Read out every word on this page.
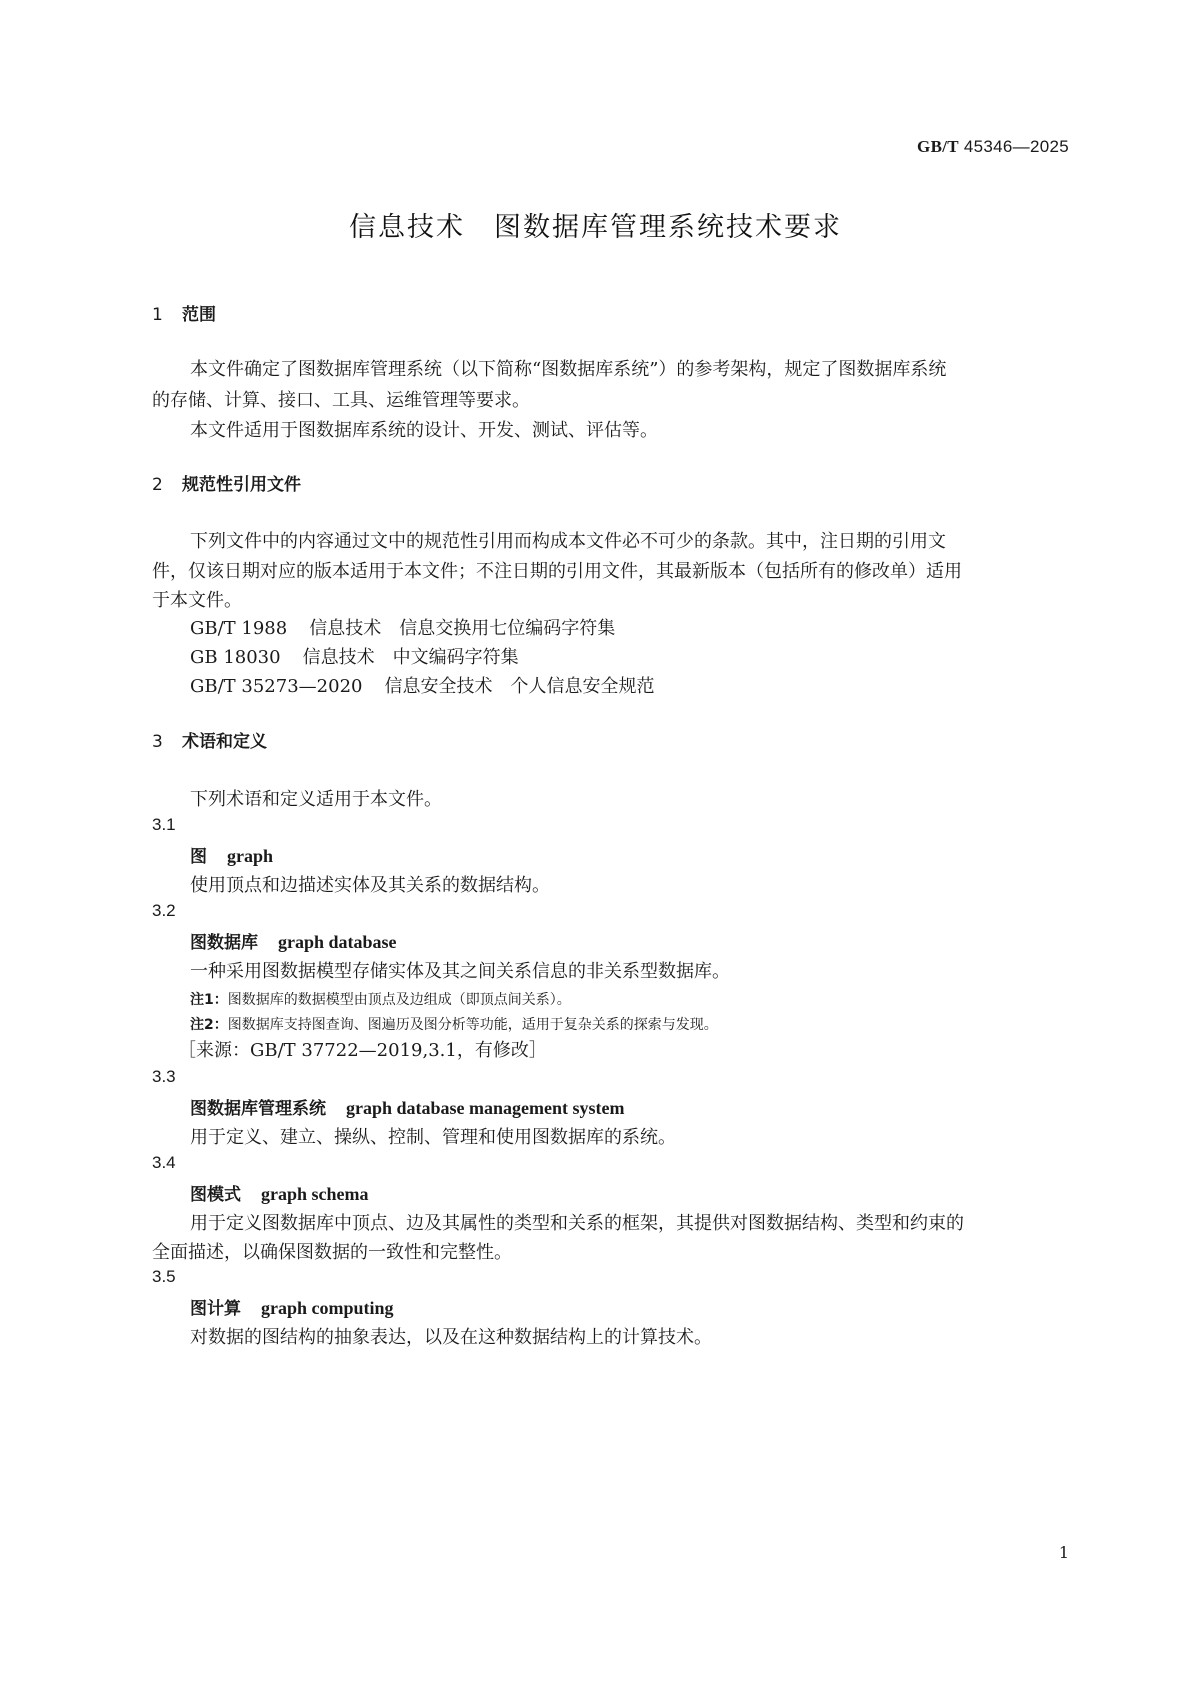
GB/T 45346—2025
信息技术　图数据库管理系统技术要求
1 范围
本文件确定了图数据库管理系统（以下简称“图数据库系统”）的参考架构，规定了图数据库系统
的存储、计算、接口、工具、运维管理等要求。
本文件适用于图数据库系统的设计、开发、测试、评估等。
2 规范性引用文件
下列文件中的内容通过文中的规范性引用而构成本文件必不可少的条款。其中，注日期的引用文
件，仅该日期对应的版本适用于本文件；不注日期的引用文件，其最新版本（包括所有的修改单）适用
于本文件。
GB/T 1988 信息技术　信息交换用七位编码字符集
GB 18030 信息技术　中文编码字符集
GB/T 35273—2020 信息安全技术　个人信息安全规范
3 术语和定义
下列术语和定义适用于本文件。
3.1
图 graph
使用顶点和边描述实体及其关系的数据结构。
3.2
图数据库 graph database
一种采用图数据模型存储实体及其之间关系信息的非关系型数据库。
注1：图数据库的数据模型由顶点及边组成（即顶点间关系）。
注2：图数据库支持图查询、图遍历及图分析等功能，适用于复杂关系的探索与发现。
［来源：GB/T 37722—2019,3.1，有修改］
3.3
图数据库管理系统 graph database management system
用于定义、建立、操纵、控制、管理和使用图数据库的系统。
3.4
图模式 graph schema
用于定义图数据库中顶点、边及其属性的类型和关系的框架，其提供对图数据结构、类型和约束的
全面描述，以确保图数据的一致性和完整性。
3.5
图计算 graph computing
对数据的图结构的抽象表达，以及在这种数据结构上的计算技术。
1
